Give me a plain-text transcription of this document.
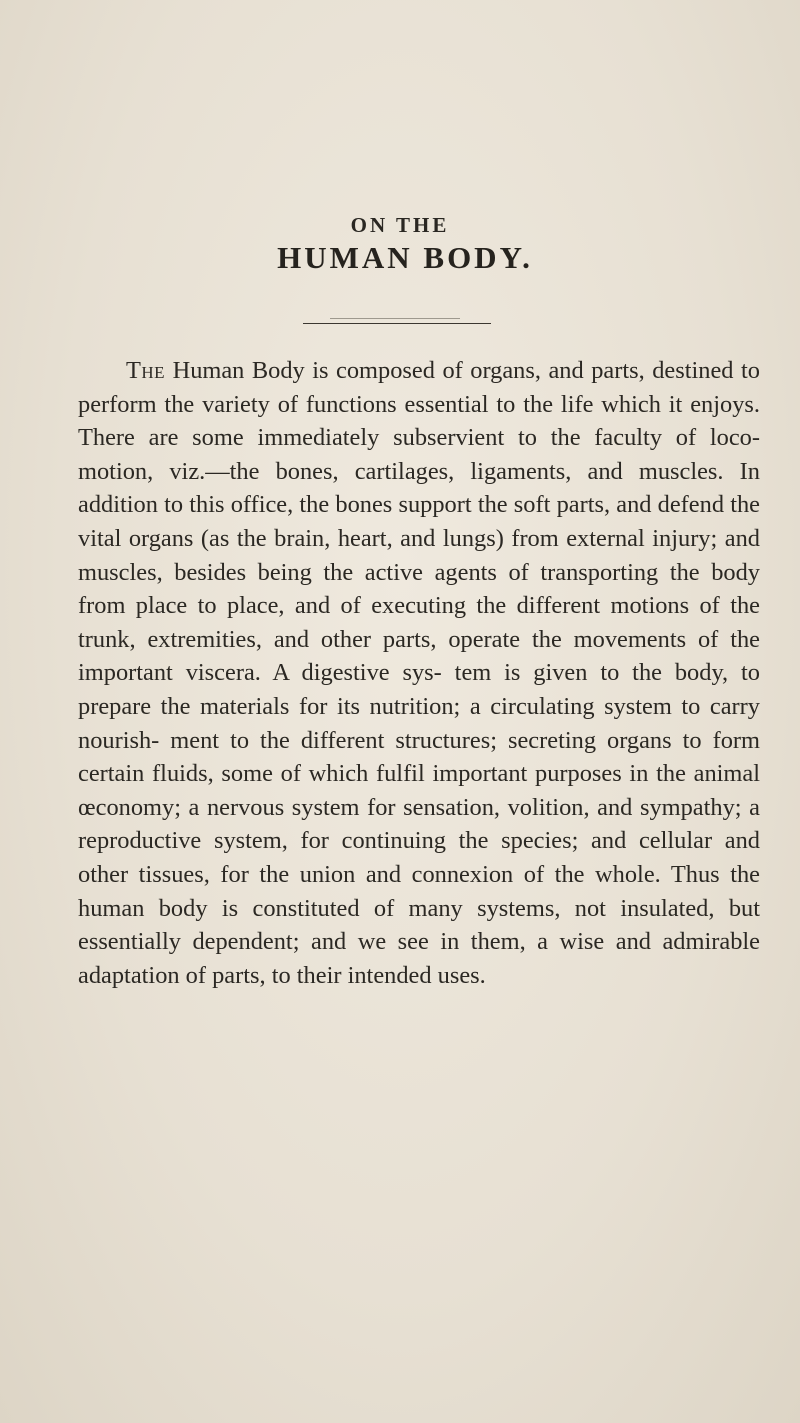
ON THE
HUMAN BODY.

The Human Body is composed of organs, and parts, destined to perform the variety of functions essential to the life which it enjoys. There are some immediately subservient to the faculty of loco-motion, viz.—the bones, cartilages, ligaments, and muscles. In addition to this office, the bones support the soft parts, and defend the vital organs (as the brain, heart, and lungs) from external injury; and muscles, besides being the active agents of transporting the body from place to place, and of executing the different motions of the trunk, extremities, and other parts, operate the movements of the important viscera. A digestive sys- tem is given to the body, to prepare the materials for its nutrition; a circulating system to carry nourish- ment to the different structures; secreting organs to form certain fluids, some of which fulfil important purposes in the animal œconomy; a nervous system for sensation, volition, and sympathy; a reproductive system, for continuing the species; and cellular and other tissues, for the union and connexion of the whole. Thus the human body is constituted of many systems, not insulated, but essentially dependent; and we see in them, a wise and admirable adaptation of parts, to their intended uses.
